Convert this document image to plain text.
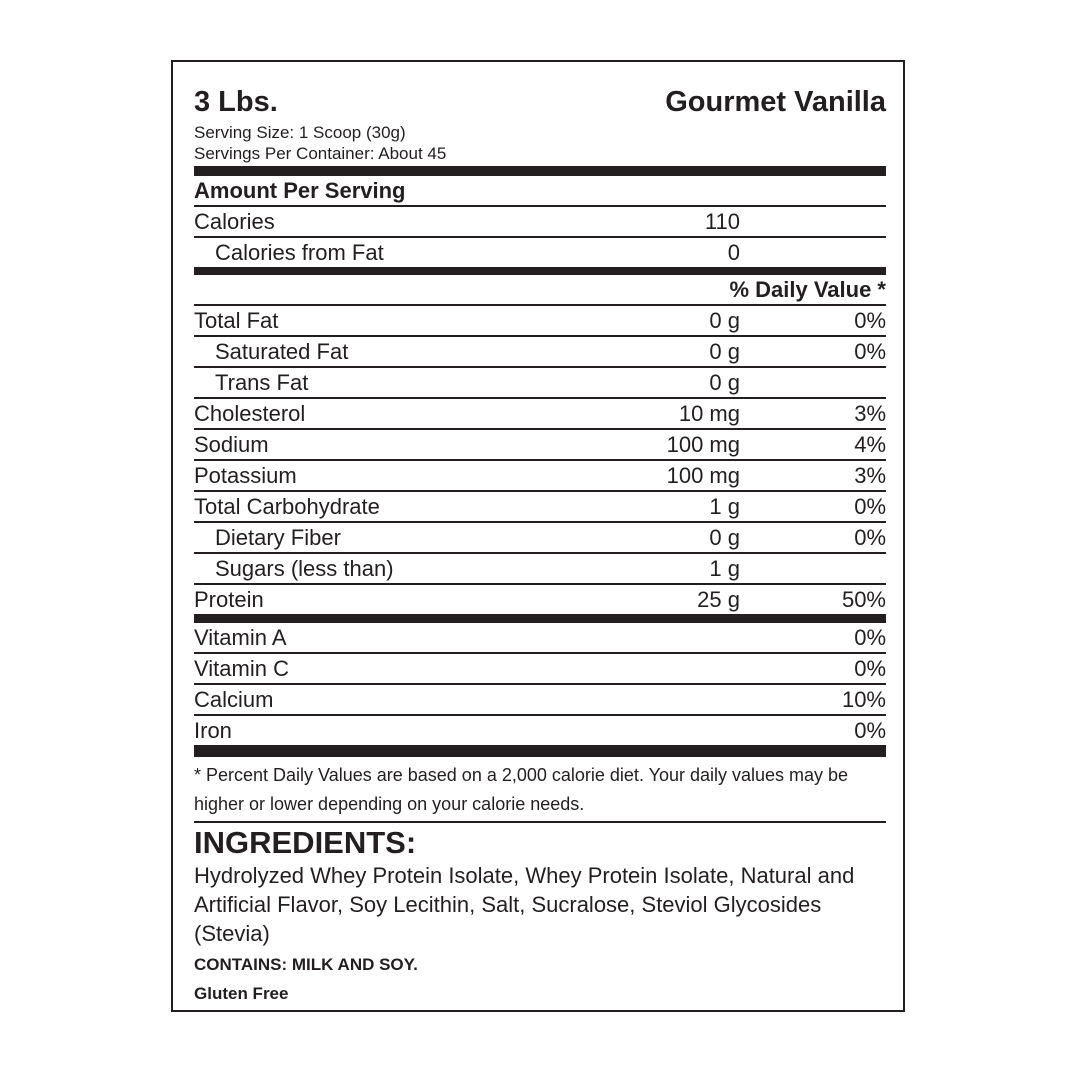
3 Lbs.	Gourmet Vanilla
Serving Size: 1 Scoop (30g)
Servings Per Container: About 45
Amount Per Serving
Calories	110
Calories from Fat	0
% Daily Value *
Total Fat	0 g	0%
Saturated Fat	0 g	0%
Trans Fat	0 g
Cholesterol	10 mg	3%
Sodium	100 mg	4%
Potassium	100 mg	3%
Total Carbohydrate	1 g	0%
Dietary Fiber	0 g	0%
Sugars (less than)	1 g
Protein	25 g	50%
Vitamin A	0%
Vitamin C	0%
Calcium	10%
Iron	0%
* Percent Daily Values are based on a 2,000 calorie diet. Your daily values may be higher or lower depending on your calorie needs.
INGREDIENTS:
Hydrolyzed Whey Protein Isolate, Whey Protein Isolate, Natural and Artificial Flavor, Soy Lecithin, Salt, Sucralose, Steviol Glycosides (Stevia)
CONTAINS: MILK AND SOY.
Gluten Free
